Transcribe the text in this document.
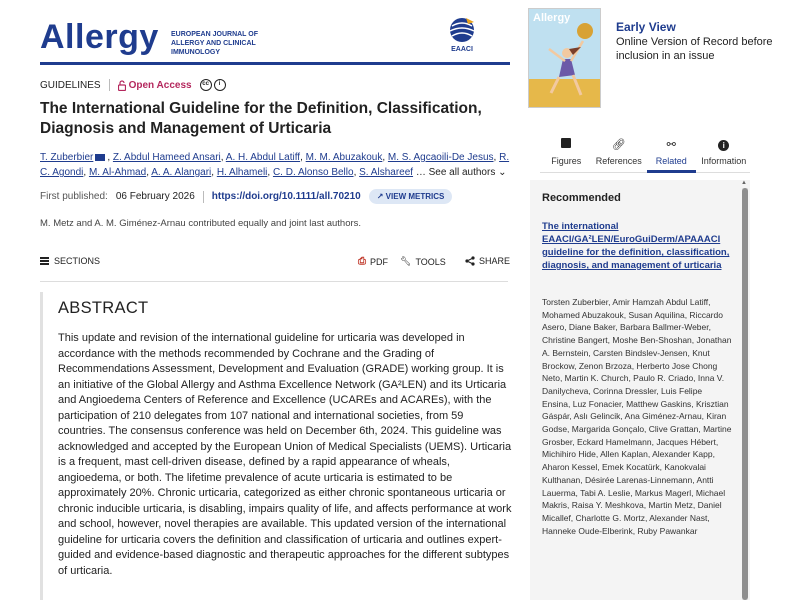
Allergy EUROPEAN JOURNAL OF ALLERGY AND CLINICAL IMMUNOLOGY	EAACI
Allergy
Early View
Online Version of Record before inclusion in an issue
GUIDELINES	Open Access	cc	i
The International Guideline for the Definition, Classification, Diagnosis and Management of Urticaria
T. Zuberbier , Z. Abdul Hameed Ansari, A. H. Abdul Latiff, M. M. Abuzakouk, M. S. Agcaoili-De Jesus, R. C. Agondi, M. Al-Ahmad, A. A. Alangari, H. Alhameli, C. D. Alonso Bello, S. Alshareef … See all authors ⌄
First published: 06 February 2026 https://doi.org/10.1111/all.70210	↗ VIEW METRICS
M. Metz and A. M. Giménez-Arnau contributed equally and joint last authors.
SECTIONS	⎙ PDF 🔧︎ TOOLS	SHARE
ABSTRACT

This update and revision of the international guideline for urticaria was developed in accordance with the methods recommended by Cochrane and the Grading of Recommendations Assessment, Development and Evaluation (GRADE) working group. It is an initiative of the Global Allergy and Asthma Excellence Network (GA²LEN) and its Urticaria and Angioedema Centers of Reference and Excellence (UCAREs and ACAREs), with the participation of 210 delegates from 107 national and international societies, from 59 countries. The consensus conference was held on December 6th, 2024. This guideline was acknowledged and accepted by the European Union of Medical Specialists (UEMS). Urticaria is a frequent, mast cell-driven disease, defined by a rapid appearance of wheals, angioedema, or both. The lifetime prevalence of acute urticaria is estimated to be approximately 20%. Chronic urticaria, categorized as either chronic spontaneous urticaria or chronic inducible urticaria, is disabling, impairs quality of life, and affects performance at work and school, however, novel therapies are available. This updated version of the international guideline for urticaria covers the definition and classification of urticaria and outlines expert-guided and evidence-based diagnostic and therapeutic approaches for the different subtypes of urticaria.

Figures
🔗︎
References
⚯
Related
i
Information
Recommended
The international EAACI/GA²LEN/EuroGuiDerm/APAAACI guideline for the definition, classification, diagnosis, and management of urticaria
Torsten Zuberbier, Amir Hamzah Abdul Latiff, Mohamed Abuzakouk, Susan Aquilina, Riccardo Asero, Diane Baker, Barbara Ballmer-Weber, Christine Bangert, Moshe Ben-Shoshan, Jonathan A. Bernstein, Carsten Bindslev-Jensen, Knut Brockow, Zenon Brzoza, Herberto Jose Chong Neto, Martin K. Church, Paulo R. Criado, Inna V. Danilycheva, Corinna Dressler, Luis Felipe Ensina, Luz Fonacier, Matthew Gaskins, Krisztian Gáspár, Aslı Gelincik, Ana Giménez-Arnau, Kiran Godse, Margarida Gonçalo, Clive Grattan, Martine Grosber, Eckard Hamelmann, Jacques Hébert, Michihiro Hide, Allen Kaplan, Alexander Kapp, Aharon Kessel, Emek Kocatürk, Kanokvalai Kulthanan, Désirée Larenas-Linnemann, Antti Lauerma, Tabi A. Leslie, Markus Magerl, Michael Makris, Raisa Y. Meshkova, Martin Metz, Daniel Micallef, Charlotte G. Mortz, Alexander Nast, Hanneke Oude-Elberink, Ruby Pawankar
▲
